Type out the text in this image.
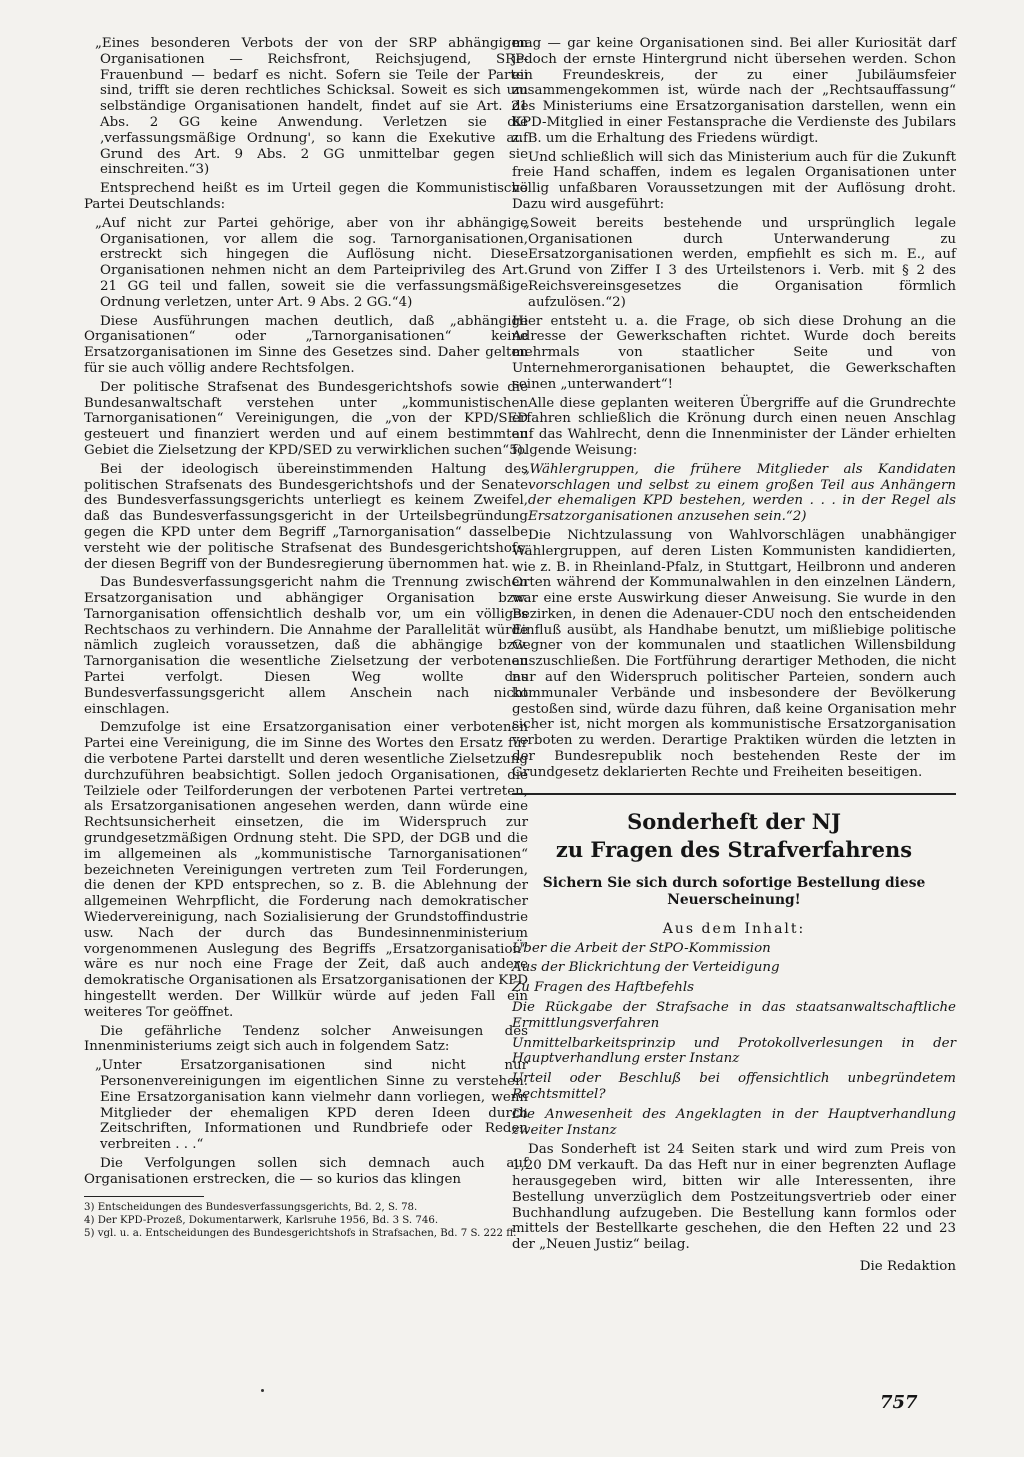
„Eines besonderen Verbots der von der SRP abhängigen Organisationen — Reichsfront, Reichsjugend, SRP-Frauenbund — bedarf es nicht. Sofern sie Teile der Partei sind, trifft sie deren rechtliches Schicksal. Soweit es sich um selbständige Organisationen handelt, findet auf sie Art. 21 Abs. 2 GG keine Anwendung. Verletzen sie die ‚verfassungsmäßige Ordnung', so kann die Exekutive auf Grund des Art. 9 Abs. 2 GG unmittelbar gegen sie einschreiten.“3)

Entsprechend heißt es im Urteil gegen die Kommunistische Partei Deutschlands:

„Auf nicht zur Partei gehörige, aber von ihr abhängige Organisationen, vor allem die sog. Tarnorganisationen, erstreckt sich hingegen die Auflösung nicht. Diese Organisationen nehmen nicht an dem Parteiprivileg des Art. 21 GG teil und fallen, soweit sie die verfassungsmäßige Ordnung verletzen, unter Art. 9 Abs. 2 GG.“4)

Diese Ausführungen machen deutlich, daß „abhängige Organisationen“ oder „Tarnorganisationen“ keine Ersatzorganisationen im Sinne des Gesetzes sind. Daher gelten für sie auch völlig andere Rechtsfolgen.

Der politische Strafsenat des Bundesgerichtshofs sowie die Bundesanwaltschaft verstehen unter „kommunistischen Tarnorganisationen“ Vereinigungen, die „von der KPD/SED gesteuert und finanziert werden und auf einem bestimmten Gebiet die Zielsetzung der KPD/SED zu verwirklichen suchen“5).

Bei der ideologisch übereinstimmenden Haltung des politischen Strafsenats des Bundesgerichtshofs und der Senate des Bundesverfassungsgerichts unterliegt es keinem Zweifel, daß das Bundesverfassungsgericht in der Urteilsbegründung gegen die KPD unter dem Begriff „Tarnorganisation“ dasselbe versteht wie der politische Strafsenat des Bundesgerichtshofs, der diesen Begriff von der Bundesregierung übernommen hat.

Das Bundesverfassungsgericht nahm die Trennung zwischen Ersatzorganisation und abhängiger Organisation bzw. Tarnorganisation offensichtlich deshalb vor, um ein völliges Rechtschaos zu verhindern. Die Annahme der Parallelität würde nämlich zugleich voraussetzen, daß die abhängige bzw. Tarnorganisation die wesentliche Zielsetzung der verbotenen Partei verfolgt. Diesen Weg wollte das Bundesverfassungsgericht allem Anschein nach nicht einschlagen.

Demzufolge ist eine Ersatzorganisation einer verbotenen Partei eine Vereinigung, die im Sinne des Wortes den Ersatz für die verbotene Partei darstellt und deren wesentliche Zielsetzung durchzuführen beabsichtigt. Sollen jedoch Organisationen, die Teilziele oder Teilforderungen der verbotenen Partei vertreten, als Ersatzorganisationen angesehen werden, dann würde eine Rechtsunsicherheit einsetzen, die im Widerspruch zur grundgesetzmäßigen Ordnung steht. Die SPD, der DGB und die im allgemeinen als „kommunistische Tarnorganisationen“ bezeichneten Vereinigungen vertreten zum Teil Forderungen, die denen der KPD entsprechen, so z. B. die Ablehnung der allgemeinen Wehrpflicht, die Forderung nach demokratischer Wiedervereinigung, nach Sozialisierung der Grundstoffindustrie usw. Nach der durch das Bundesinnenministerium vorgenommenen Auslegung des Begriffs „Ersatzorganisation“ wäre es nur noch eine Frage der Zeit, daß auch andere demokratische Organisationen als Ersatzorganisationen der KPD hingestellt werden. Der Willkür würde auf jeden Fall ein weiteres Tor geöffnet.

Die gefährliche Tendenz solcher Anweisungen des Innenministeriums zeigt sich auch in folgendem Satz:

„Unter Ersatzorganisationen sind nicht nur Personenvereinigungen im eigentlichen Sinne zu verstehen. Eine Ersatzorganisation kann vielmehr dann vorliegen, wenn Mitglieder der ehemaligen KPD deren Ideen durch Zeitschriften, Informationen und Rundbriefe oder Reden verbreiten . . .“

Die Verfolgungen sollen sich demnach auch auf Organisationen erstrecken, die — so kurios das klingen

3) Entscheidungen des Bundesverfassungsgerichts, Bd. 2, S. 78.

4) Der KPD-Prozeß, Dokumentarwerk, Karlsruhe 1956, Bd. 3 S. 746.

5) vgl. u. a. Entscheidungen des Bundesgerichtshofs in Strafsachen, Bd. 7 S. 222 ff.

mag — gar keine Organisationen sind. Bei aller Kuriosität darf jedoch der ernste Hintergrund nicht übersehen werden. Schon ein Freundeskreis, der zu einer Jubiläumsfeier zusammengekommen ist, würde nach der „Rechtsauffassung“ des Ministeriums eine Ersatzorganisation darstellen, wenn ein KPD-Mitglied in einer Festansprache die Verdienste des Jubilars z. B. um die Erhaltung des Friedens würdigt.

Und schließlich will sich das Ministerium auch für die Zukunft freie Hand schaffen, indem es legalen Organisationen unter völlig unfaßbaren Voraussetzungen mit der Auflösung droht. Dazu wird ausgeführt:

„Soweit bereits bestehende und ursprünglich legale Organisationen durch Unterwanderung zu Ersatzorganisationen werden, empfiehlt es sich m. E., auf Grund von Ziffer I 3 des Urteilstenors i. Verb. mit § 2 des Reichsvereinsgesetzes die Organisation förmlich aufzulösen.“2)

Hier entsteht u. a. die Frage, ob sich diese Drohung an die Adresse der Gewerkschaften richtet. Wurde doch bereits mehrmals von staatlicher Seite und von Unternehmerorganisationen behauptet, die Gewerkschaften seinen „unterwandert“!

Alle diese geplanten weiteren Übergriffe auf die Grundrechte erfahren schließlich die Krönung durch einen neuen Anschlag auf das Wahlrecht, denn die Innenminister der Länder erhielten folgende Weisung:

„Wählergruppen, die frühere Mitglieder als Kandidaten vorschlagen und selbst zu einem großen Teil aus Anhängern der ehemaligen KPD bestehen, werden . . . in der Regel als Ersatzorganisationen anzusehen sein.“2)

Die Nichtzulassung von Wahlvorschlägen unabhängiger Wählergruppen, auf deren Listen Kommunisten kandidierten, wie z. B. in Rheinland-Pfalz, in Stuttgart, Heilbronn und anderen Orten während der Kommunalwahlen in den einzelnen Ländern, war eine erste Auswirkung dieser Anweisung. Sie wurde in den Bezirken, in denen die Adenauer-CDU noch den entscheidenden Einfluß ausübt, als Handhabe benutzt, um mißliebige politische Gegner von der kommunalen und staatlichen Willensbildung auszuschließen. Die Fortführung derartiger Methoden, die nicht nur auf den Widerspruch politischer Parteien, sondern auch kommunaler Verbände und insbesondere der Bevölkerung gestoßen sind, würde dazu führen, daß keine Organisation mehr sicher ist, nicht morgen als kommunistische Ersatzorganisation verboten zu werden. Derartige Praktiken würden die letzten in der Bundesrepublik noch bestehenden Reste der im Grundgesetz deklarierten Rechte und Freiheiten beseitigen.

Sonderheft der NJ

zu Fragen des Strafverfahrens

Sichern Sie sich durch sofortige Bestellung diese Neuerscheinung!

Aus dem Inhalt:

Über die Arbeit der StPO-Kommission

Aus der Blickrichtung der Verteidigung

Zu Fragen des Haftbefehls

Die Rückgabe der Strafsache in das staatsanwaltschaftliche Ermittlungsverfahren

Unmittelbarkeitsprinzip und Protokollverlesungen in der Hauptverhandlung erster Instanz

Urteil oder Beschluß bei offensichtlich unbegründetem Rechtsmittel?

Die Anwesenheit des Angeklagten in der Hauptverhandlung zweiter Instanz

Das Sonderheft ist 24 Seiten stark und wird zum Preis von 1,20 DM verkauft. Da das Heft nur in einer begrenzten Auflage herausgegeben wird, bitten wir alle Interessenten, ihre Bestellung unverzüglich dem Postzeitungsvertrieb oder einer Buchhandlung aufzugeben. Die Bestellung kann formlos oder mittels der Bestellkarte geschehen, die den Heften 22 und 23 der „Neuen Justiz“ beilag.

Die Redaktion

757
